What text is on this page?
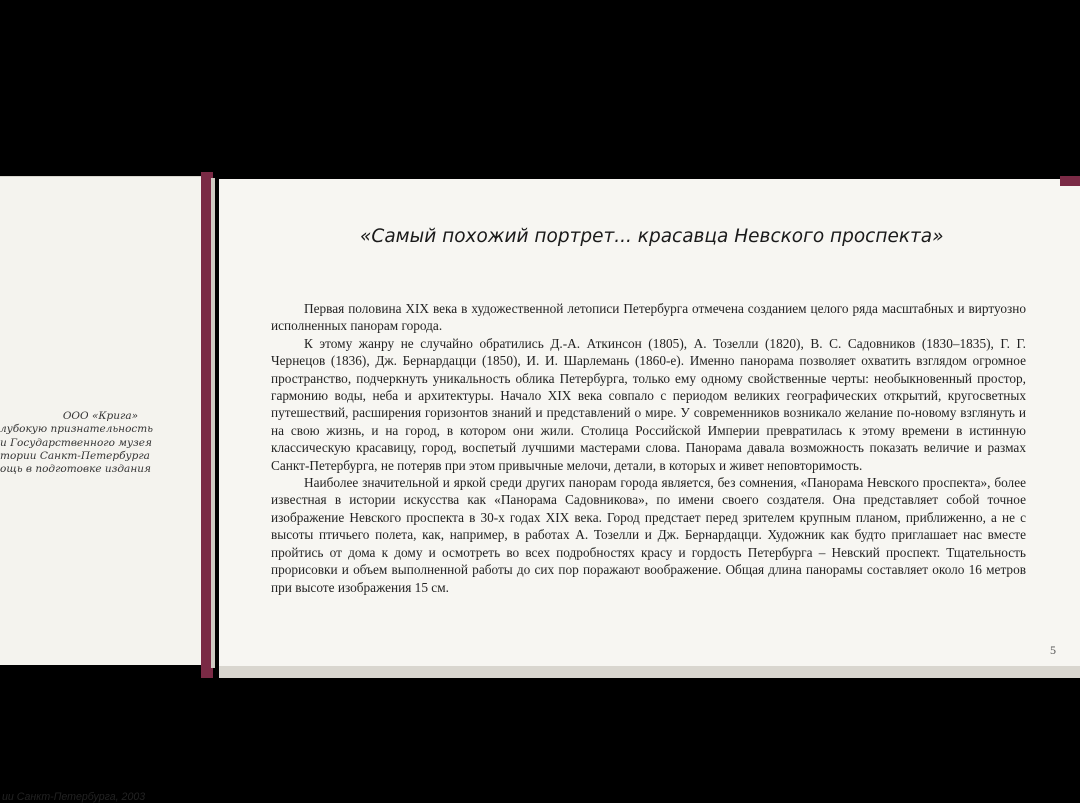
ООО «Крига»
лубокую признательность
и Государственного музея
тории Санкт-Петербурга
ощь в подготовке издания
ии Санкт-Петербурга, 2003
«Самый похожий портрет... красавца Невского проспекта»

Первая половина XIX века в художественной летописи Петербурга отмечена созданием целого ряда масштабных и виртуозно исполненных панорам города.

К этому жанру не случайно обратились Д.-А. Аткинсон (1805), А. Тозелли (1820), В. С. Садовников (1830–1835), Г. Г. Чернецов (1836), Дж. Бернардацци (1850), И. И. Шарлемань (1860-е). Именно панорама позволяет охватить взглядом огромное пространство, подчеркнуть уникальность облика Петербурга, только ему одному свойственные черты: необыкновенный простор, гармонию воды, неба и архитектуры. Начало XIX века совпало с периодом великих географических открытий, кругосветных путешествий, расширения горизонтов знаний и представлений о мире. У современников возникало желание по-новому взглянуть и на свою жизнь, и на город, в котором они жили. Столица Российской Империи превратилась к этому времени в истинную классическую красавицу, город, воспетый лучшими мастерами слова. Панорама давала возможность показать величие и размах Санкт-Петербурга, не потеряв при этом привычные мелочи, детали, в которых и живет неповторимость.

Наиболее значительной и яркой среди других панорам города является, без сомнения, «Панорама Невского проспекта», более известная в истории искусства как «Панорама Садовникова», по имени своего создателя. Она представляет собой точное изображение Невского проспекта в 30-х годах XIX века. Город предстает перед зрителем крупным планом, приближенно, а не с высоты птичьего полета, как, например, в работах А. Тозелли и Дж. Бернардацци. Художник как будто приглашает нас вместе пройтись от дома к дому и осмотреть во всех подробностях красу и гордость Петербурга – Невский проспект. Тщательность прорисовки и объем выполненной работы до сих пор поражают воображение. Общая длина панорамы составляет около 16 метров при высоте изображения 15 см.

5
